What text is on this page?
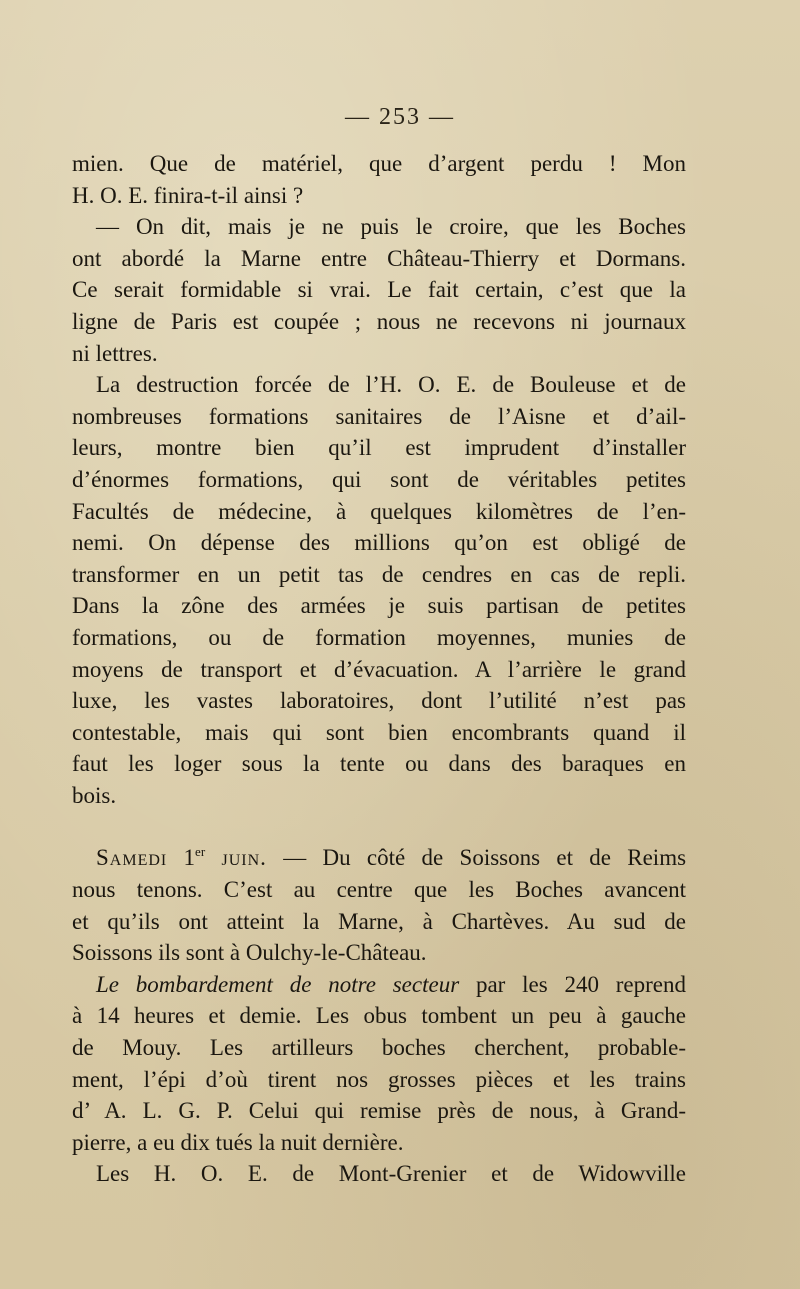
— 253 —
mien. Que de matériel, que d’argent perdu ! Mon
H. O. E. finira-t-il ainsi ?
— On dit, mais je ne puis le croire, que les Boches
ont abordé la Marne entre Château-Thierry et Dormans.
Ce serait formidable si vrai. Le fait certain, c’est que la
ligne de Paris est coupée ; nous ne recevons ni journaux
ni lettres.
La destruction forcée de l’H. O. E. de Bouleuse et de
nombreuses formations sanitaires de l’Aisne et d’ail-
leurs, montre bien qu’il est imprudent d’installer
d’énormes formations, qui sont de véritables petites
Facultés de médecine, à quelques kilomètres de l’en-
nemi. On dépense des millions qu’on est obligé de
transformer en un petit tas de cendres en cas de repli.
Dans la zône des armées je suis partisan de petites
formations, ou de formation moyennes, munies de
moyens de transport et d’évacuation. A l’arrière le grand
luxe, les vastes laboratoires, dont l’utilité n’est pas
contestable, mais qui sont bien encombrants quand il
faut les loger sous la tente ou dans des baraques en
bois.
Samedi 1er juin. — Du côté de Soissons et de Reims
nous tenons. C’est au centre que les Boches avancent
et qu’ils ont atteint la Marne, à Chartèves. Au sud de
Soissons ils sont à Oulchy-le-Château.
Le bombardement de notre secteur par les 240 reprend
à 14 heures et demie. Les obus tombent un peu à gauche
de Mouy. Les artilleurs boches cherchent, probable-
ment, l’épi d’où tirent nos grosses pièces et les trains
d’ A. L. G. P. Celui qui remise près de nous, à Grand-
pierre, a eu dix tués la nuit dernière.
Les H. O. E. de Mont-Grenier et de Widowville
